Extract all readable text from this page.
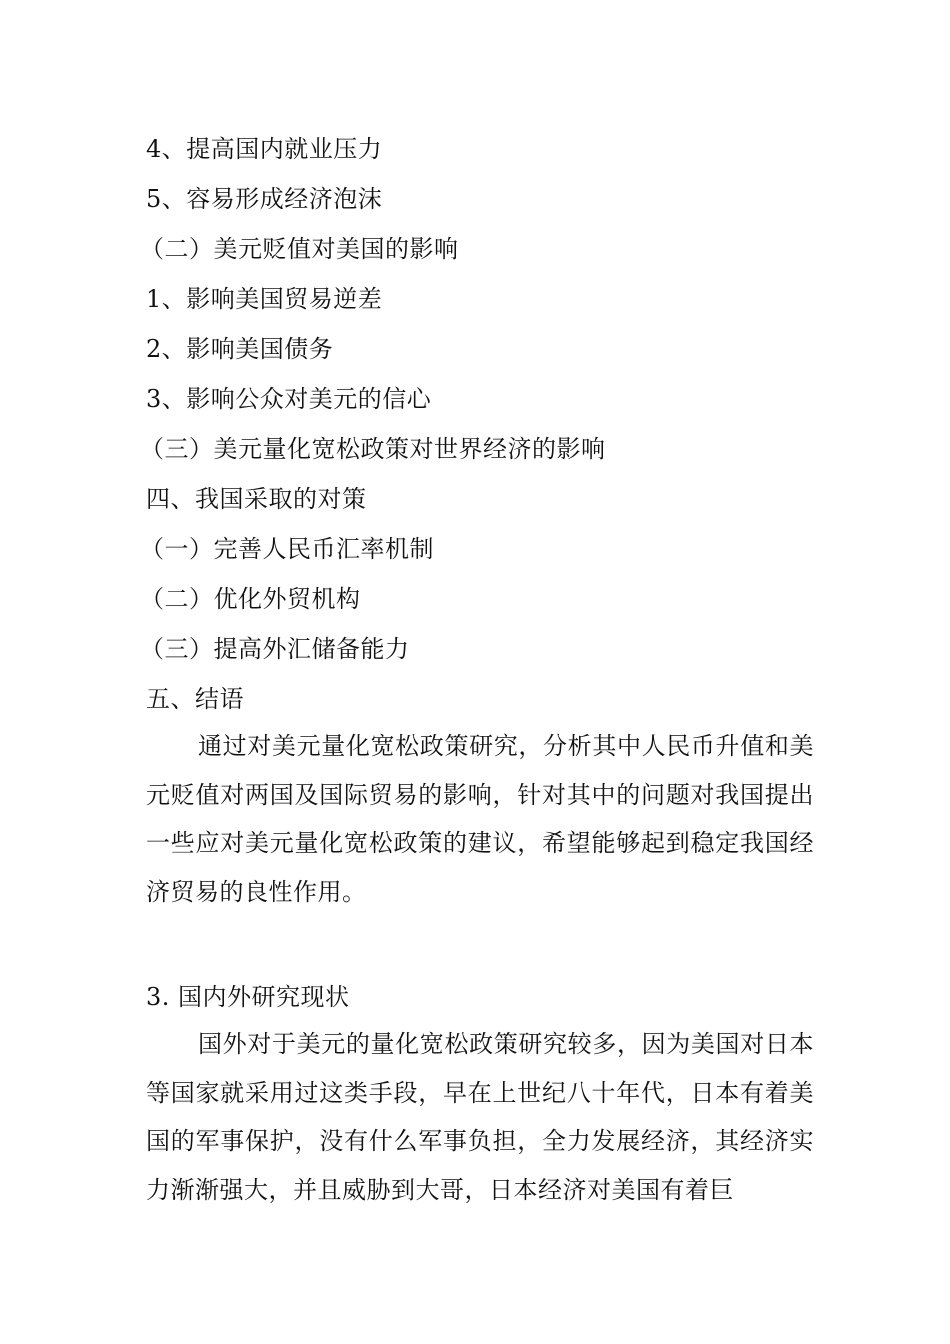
4、提高国内就业压力
5、容易形成经济泡沫
（二）美元贬值对美国的影响
1、影响美国贸易逆差
2、影响美国债务
3、影响公众对美元的信心
（三）美元量化宽松政策对世界经济的影响
四、我国采取的对策
（一）完善人民币汇率机制
（二）优化外贸机构
（三）提高外汇储备能力
五、结语
通过对美元量化宽松政策研究，分析其中人民币升值和美元贬值对两国及国际贸易的影响，针对其中的问题对我国提出一些应对美元量化宽松政策的建议，希望能够起到稳定我国经济贸易的良性作用。
3. 国内外研究现状
国外对于美元的量化宽松政策研究较多，因为美国对日本等国家就采用过这类手段，早在上世纪八十年代，日本有着美国的军事保护，没有什么军事负担，全力发展经济，其经济实力渐渐强大，并且威胁到大哥，日本经济对美国有着巨
